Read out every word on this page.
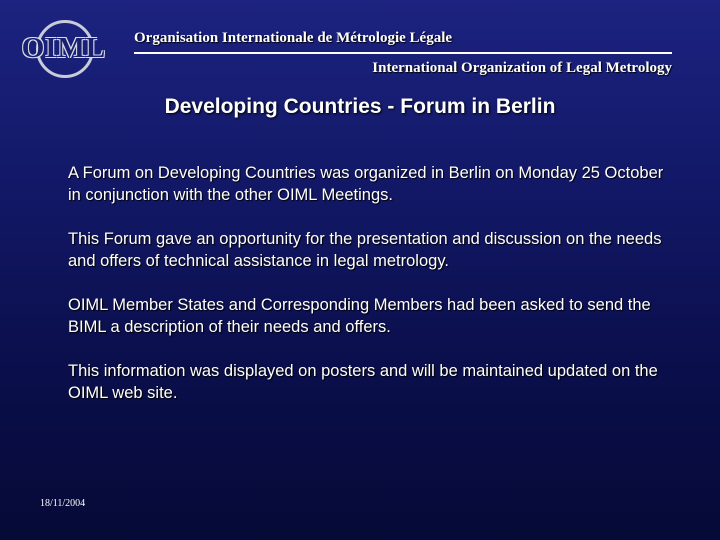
OIML	Organisation Internationale de Métrologie Légale
International Organization of Legal Metrology
Developing Countries - Forum in Berlin

A Forum on Developing Countries was organized in Berlin on Monday 25 October in conjunction with the other OIML Meetings.

This Forum gave an opportunity for the presentation and discussion on the needs and offers of technical assistance in legal metrology.

OIML Member States and Corresponding Members had been asked to send the BIML a description of their needs and offers.

This information was displayed on posters and will be maintained updated on the OIML web site.

18/11/2004
